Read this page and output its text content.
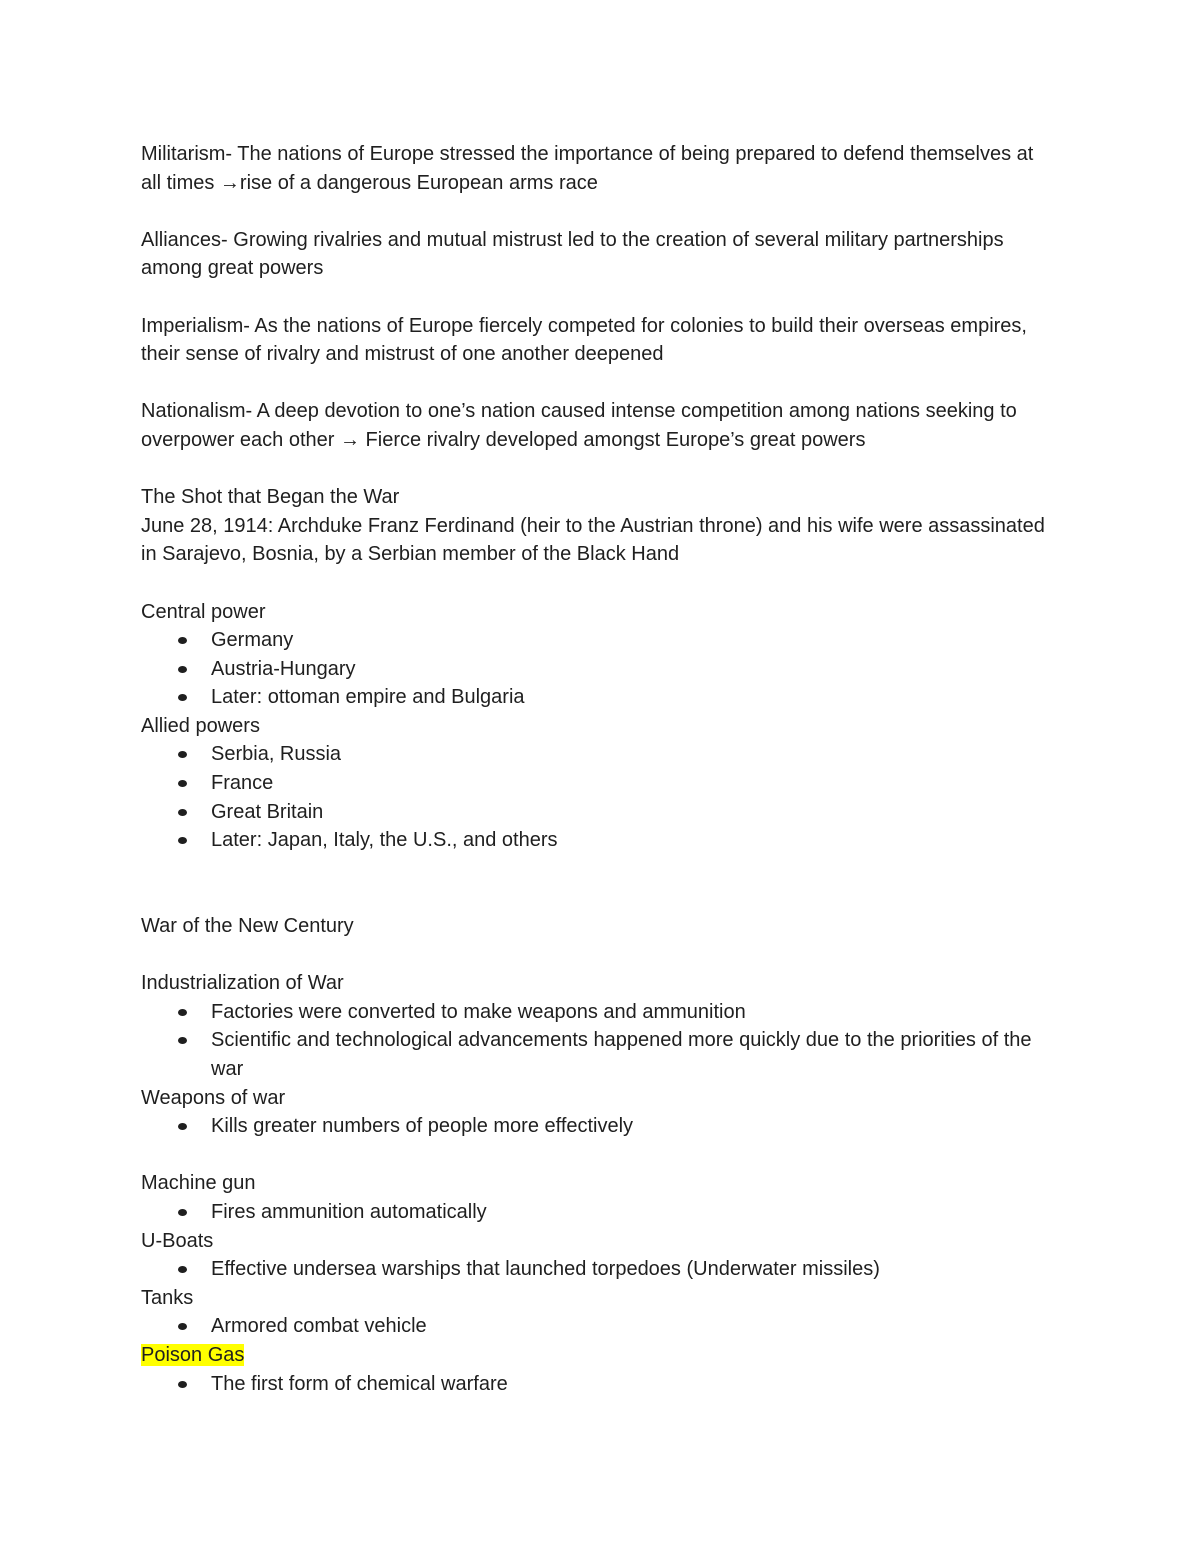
Militarism- The nations of Europe stressed the importance of being prepared to defend themselves at all times →rise of a dangerous European arms race

Alliances- Growing rivalries and mutual mistrust led to the creation of several military partnerships among great powers

Imperialism- As the nations of Europe fiercely competed for colonies to build their overseas empires, their sense of rivalry and mistrust of one another deepened

Nationalism- A deep devotion to one’s nation caused intense competition among nations seeking to overpower each other → Fierce rivalry developed amongst Europe’s great powers

The Shot that Began the War

June 28, 1914: Archduke Franz Ferdinand (heir to the Austrian throne) and his wife were assassinated in Sarajevo, Bosnia, by a Serbian member of the Black Hand

Central power

Germany
Austria-Hungary
Later: ottoman empire and Bulgaria

Allied powers

Serbia, Russia
France
Great Britain
Later: Japan, Italy, the U.S., and others

War of the New Century

Industrialization of War

Factories were converted to make weapons and ammunition
Scientific and technological advancements happened more quickly due to the priorities of the war

Weapons of war

Kills greater numbers of people more effectively

Machine gun

Fires ammunition automatically

U-Boats

Effective undersea warships that launched torpedoes (Underwater missiles)

Tanks

Armored combat vehicle

Poison Gas

The first form of chemical warfare
